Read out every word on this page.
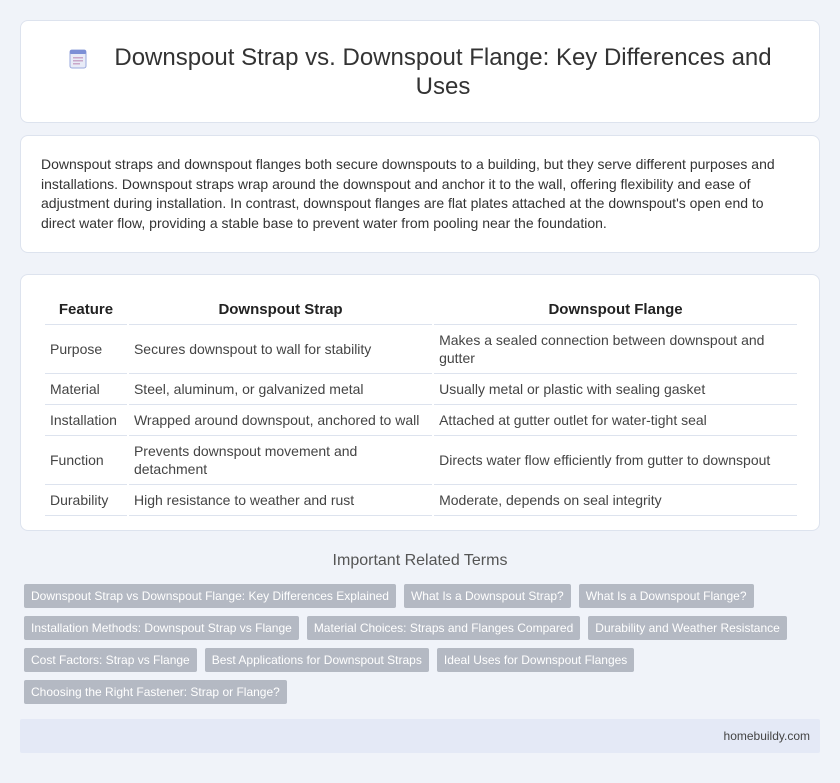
Downspout Strap vs. Downspout Flange: Key Differences and Uses

Downspout straps and downspout flanges both secure downspouts to a building, but they serve different purposes and installations. Downspout straps wrap around the downspout and anchor it to the wall, offering flexibility and ease of adjustment during installation. In contrast, downspout flanges are flat plates attached at the downspout's open end to direct water flow, providing a stable base to prevent water from pooling near the foundation.

Feature	Downspout Strap	Downspout Flange
Purpose	Secures downspout to wall for stability	Makes a sealed connection between downspout and gutter
Material	Steel, aluminum, or galvanized metal	Usually metal or plastic with sealing gasket
Installation	Wrapped around downspout, anchored to wall	Attached at gutter outlet for water-tight seal
Function	Prevents downspout movement and detachment	Directs water flow efficiently from gutter to downspout
Durability	High resistance to weather and rust	Moderate, depends on seal integrity
Important Related Terms
Downspout Strap vs Downspout Flange: Key Differences Explained	What Is a Downspout Strap?	What Is a Downspout Flange?
Installation Methods: Downspout Strap vs Flange	Material Choices: Straps and Flanges Compared	Durability and Weather Resistance
Cost Factors: Strap vs Flange	Best Applications for Downspout Straps	Ideal Uses for Downspout Flanges
Choosing the Right Fastener: Strap or Flange?
homebuildy.com
